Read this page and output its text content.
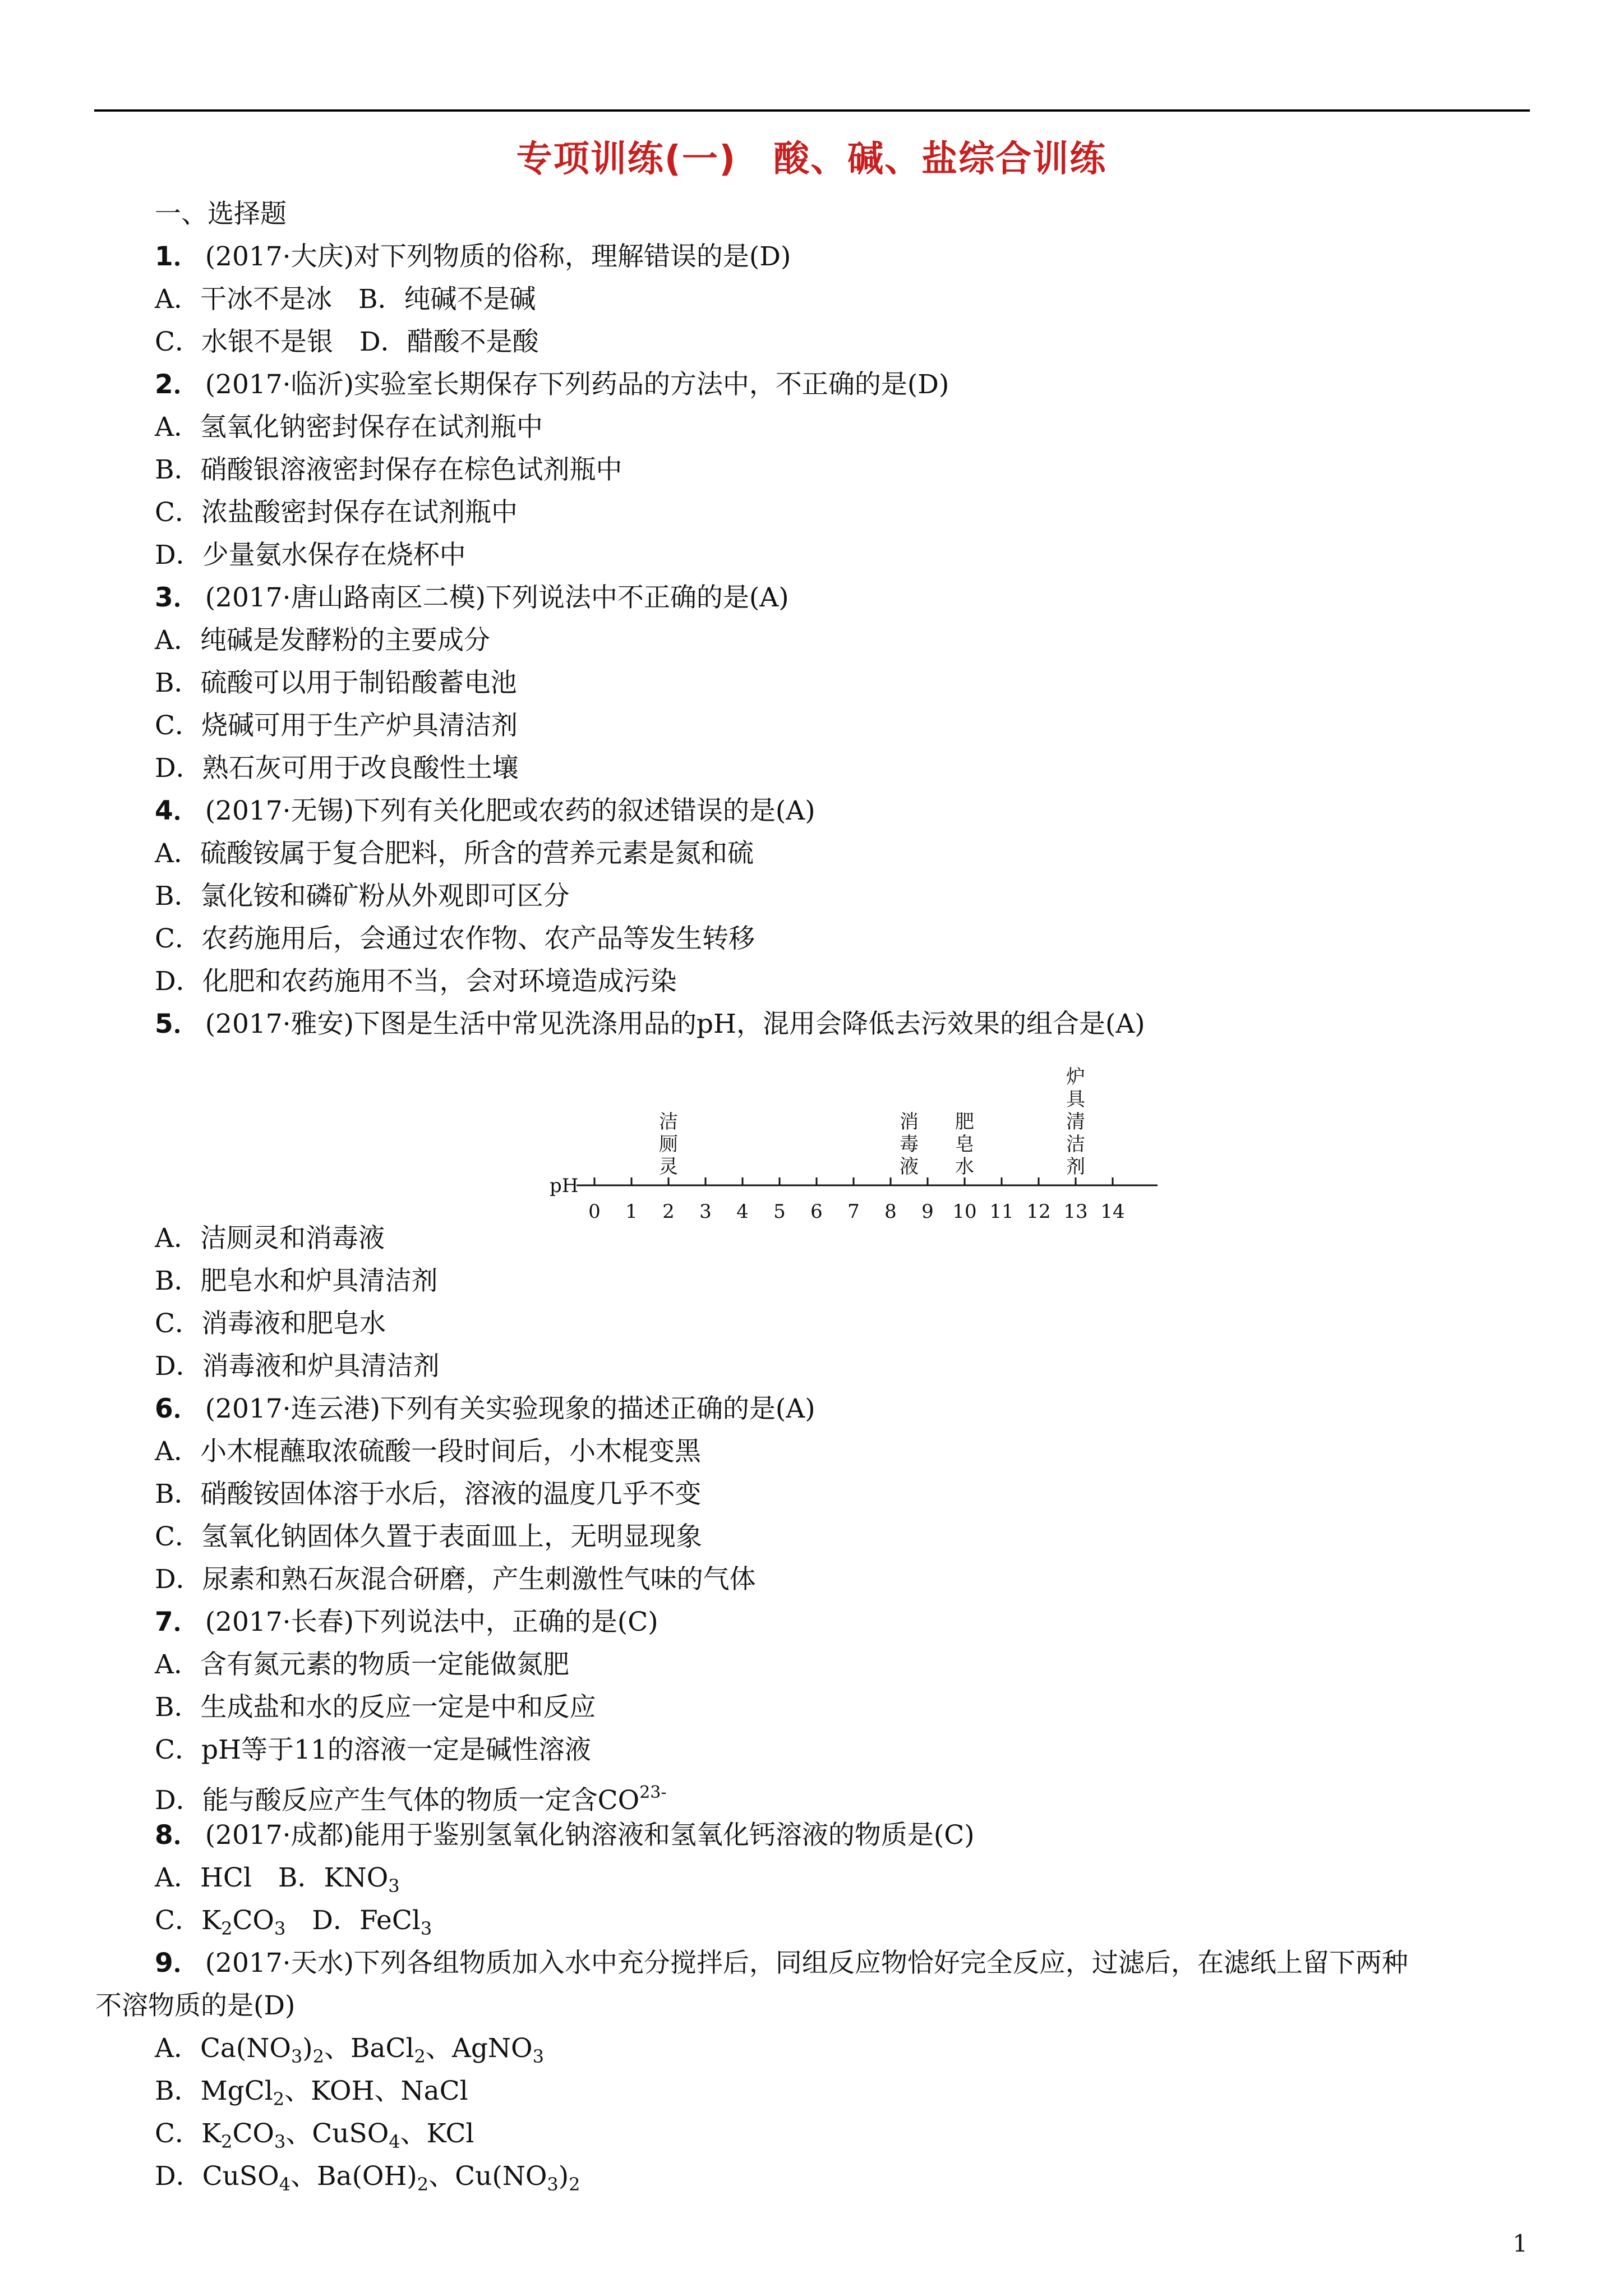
专项训练(一)　酸、碱、盐综合训练
一、选择题
1． (2017·大庆)对下列物质的俗称，理解错误的是(D)
A．干冰不是冰　B．纯碱不是碱
C．水银不是银　D．醋酸不是酸
2． (2017·临沂)实验室长期保存下列药品的方法中，不正确的是(D)
A．氢氧化钠密封保存在试剂瓶中
B．硝酸银溶液密封保存在棕色试剂瓶中
C．浓盐酸密封保存在试剂瓶中
D．少量氨水保存在烧杯中
3． (2017·唐山路南区二模)下列说法中不正确的是(A)
A．纯碱是发酵粉的主要成分
B．硫酸可以用于制铅酸蓄电池
C．烧碱可用于生产炉具清洁剂
D．熟石灰可用于改良酸性土壤
4． (2017·无锡)下列有关化肥或农药的叙述错误的是(A)
A．硫酸铵属于复合肥料，所含的营养元素是氮和硫
B．氯化铵和磷矿粉从外观即可区分
C．农药施用后，会通过农作物、农产品等发生转移
D．化肥和农药施用不当，会对环境造成污染
5． (2017·雅安)下图是生活中常见洗涤用品的pH，混用会降低去污效果的组合是(A)
pH
0 1 2 3 4 5 6 7 8 9 10 11 12 13 14
洁
厕
灵
消
毒
液
肥
皂
水
炉
具
清
洁
剂
A．洁厕灵和消毒液
B．肥皂水和炉具清洁剂
C．消毒液和肥皂水
D．消毒液和炉具清洁剂
6． (2017·连云港)下列有关实验现象的描述正确的是(A)
A．小木棍蘸取浓硫酸一段时间后，小木棍变黑
B．硝酸铵固体溶于水后，溶液的温度几乎不变
C．氢氧化钠固体久置于表面皿上，无明显现象
D．尿素和熟石灰混合研磨，产生刺激性气味的气体
7． (2017·长春)下列说法中，正确的是(C)
A．含有氮元素的物质一定能做氮肥
B．生成盐和水的反应一定是中和反应
C．pH等于11的溶液一定是碱性溶液
D．能与酸反应产生气体的物质一定含$CO^{23-}$
8． (2017·成都)能用于鉴别氢氧化钠溶液和氢氧化钙溶液的物质是(C)
A．HCl　B．$KNO_3$
C．$K_2CO_3$　D．FeCl$_3$
9． (2017·天水)下列各组物质加入水中充分搅拌后，同组反应物恰好完全反应，过滤后，在滤纸上留下两种
不溶物质的是(D)
A．$Ca(NO_3)_2$、BaCl$_2$、AgNO$_3$
B．MgCl$_2$、KOH、NaCl
C．$K_2CO_3$、CuSO$_4$、KCl
D．CuSO$_4$、$Ba(OH)_2$、$Cu(NO_3)_2$
1
